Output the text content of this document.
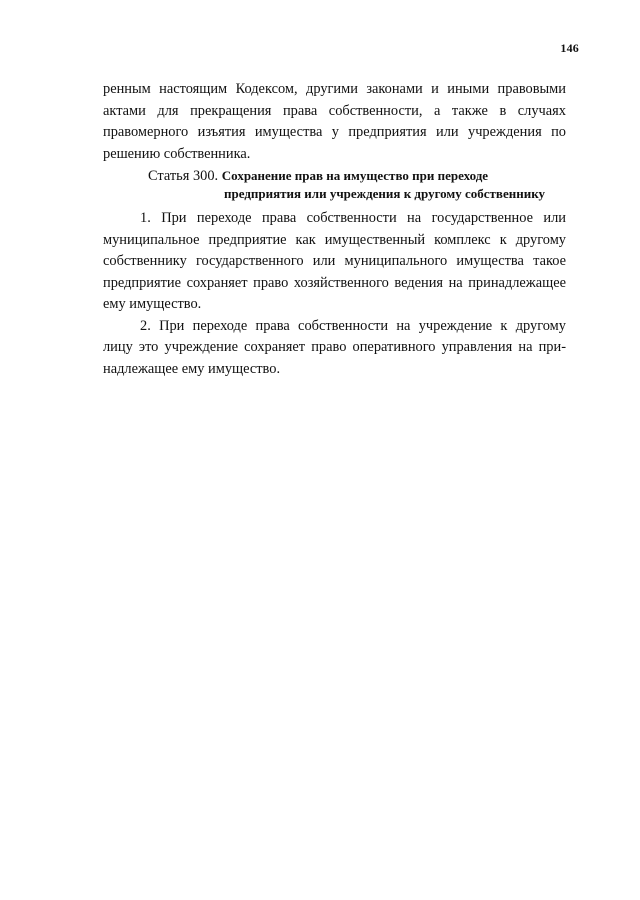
146
ренным настоящим Кодексом, другими законами и иными правовыми
актами для прекращения права собственности, а также в случаях
правомерного изъятия имущества у предприятия или учреждения по
решению собственника.
Статья 300. Сохранение прав на имущество при переходе
предприятия или учреждения к другому собственнику
1. При переходе права собственности на государственное или
муниципальное предприятие как имущественный комплекс к другому
собственнику государственного или муниципального имущества такое
предприятие сохраняет право хозяйственного ведения на принадлежащее
ему имущество.
2. При переходе права собственности на учреждение к другому
лицу это учреждение сохраняет право оперативного управления на при-
надлежащее ему имущество.
